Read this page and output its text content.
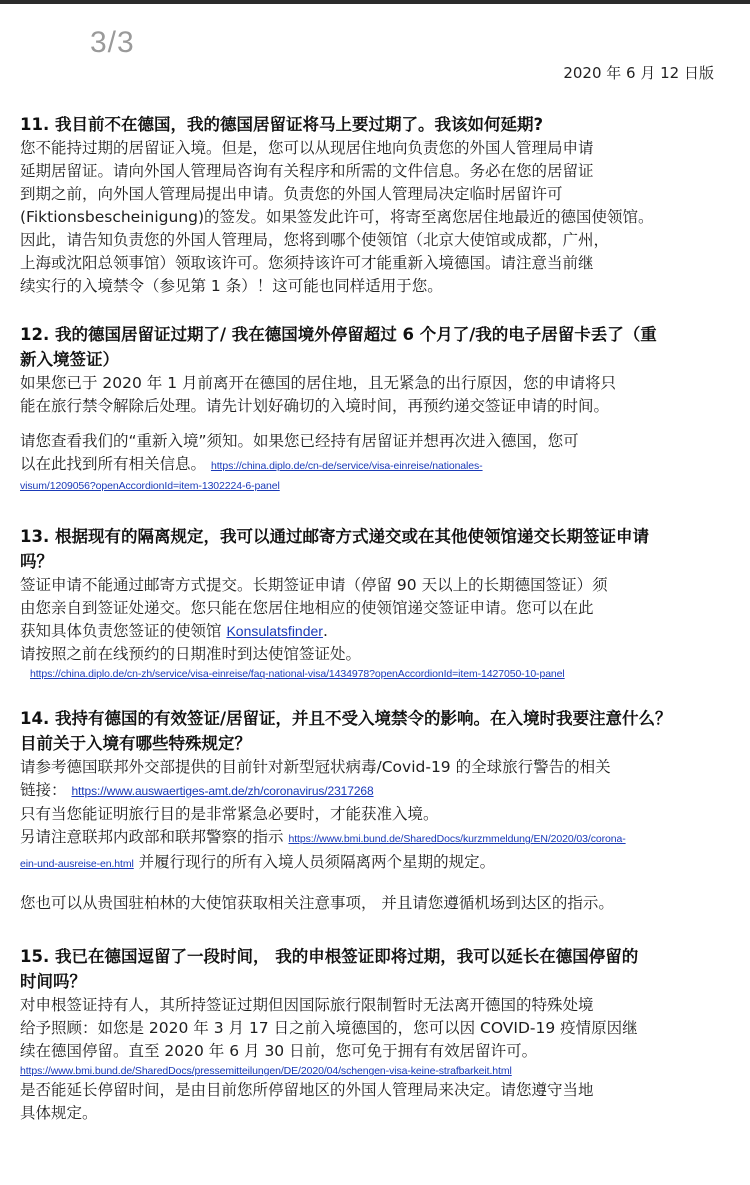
3/3
2020 年 6 月 12 日版
11. 我目前不在德国，我的德国居留证将马上要过期了。我该如何延期?
您不能持过期的居留证入境。但是，您可以从现居住地向负责您的外国人管理局申请
延期居留证。请向外国人管理局咨询有关程序和所需的文件信息。务必在您的居留证
到期之前，向外国人管理局提出申请。负责您的外国人管理局决定临时居留许可
(Fiktionsbescheinigung)的签发。如果签发此许可，将寄至离您居住地最近的德国使领馆。
因此，请告知负责您的外国人管理局，您将到哪个使领馆（北京大使馆或成都，广州，
上海或沈阳总领事馆）领取该许可。您须持该许可才能重新入境德国。请注意当前继
续实行的入境禁令（参见第 1 条）！这可能也同样适用于您。
12. 我的德国居留证过期了/ 我在德国境外停留超过 6 个月了/我的电子居留卡丢了（重
新入境签证）
如果您已于 2020 年 1 月前离开在德国的居住地，且无紧急的出行原因，您的申请将只
能在旅行禁令解除后处理。请先计划好确切的入境时间，再预约递交签证申请的时间。
请您查看我们的“重新入境”须知。如果您已经持有居留证并想再次进入德国，您可
以在此找到所有相关信息。 https://china.diplo.de/cn-de/service/visa-einreise/nationales-
visum/1209056?openAccordionId=item-1302224-6-panel
13. 根据现有的隔离规定，我可以通过邮寄方式递交或在其他使领馆递交长期签证申请
吗？
签证申请不能通过邮寄方式提交。长期签证申请（停留 90 天以上的长期德国签证）须
由您亲自到签证处递交。您只能在您居住地相应的使领馆递交签证申请。您可以在此
获知具体负责您签证的使领馆 Konsulatsfinder.
请按照之前在线预约的日期准时到达使馆签证处。
https://china.diplo.de/cn-zh/service/visa-einreise/faq-national-visa/1434978?openAccordionId=item-1427050-10-panel
14. 我持有德国的有效签证/居留证，并且不受入境禁令的影响。在入境时我要注意什么？
目前关于入境有哪些特殊规定？
请参考德国联邦外交部提供的目前针对新型冠状病毒/Covid-19 的全球旅行警告的相关
链接： https://www.auswaertiges-amt.de/zh/coronavirus/2317268
只有当您能证明旅行目的是非常紧急必要时，才能获准入境。
另请注意联邦内政部和联邦警察的指示 https://www.bmi.bund.de/SharedDocs/kurzmmeldung/EN/2020/03/corona-
ein-und-ausreise-en.html 并履行现行的所有入境人员须隔离两个星期的规定。
您也可以从贵国驻柏林的大使馆获取相关注意事项， 并且请您遵循机场到达区的指示。
15. 我已在德国逗留了一段时间， 我的申根签证即将过期，我可以延长在德国停留的
时间吗？
对申根签证持有人，其所持签证过期但因国际旅行限制暂时无法离开德国的特殊处境
给予照顾：如您是 2020 年 3 月 17 日之前入境德国的，您可以因 COVID-19 疫情原因继
续在德国停留。直至 2020 年 6 月 30 日前，您可免于拥有有效居留许可。
https://www.bmi.bund.de/SharedDocs/pressemitteilungen/DE/2020/04/schengen-visa-keine-strafbarkeit.html
是否能延长停留时间，是由目前您所停留地区的外国人管理局来决定。请您遵守当地
具体规定。
